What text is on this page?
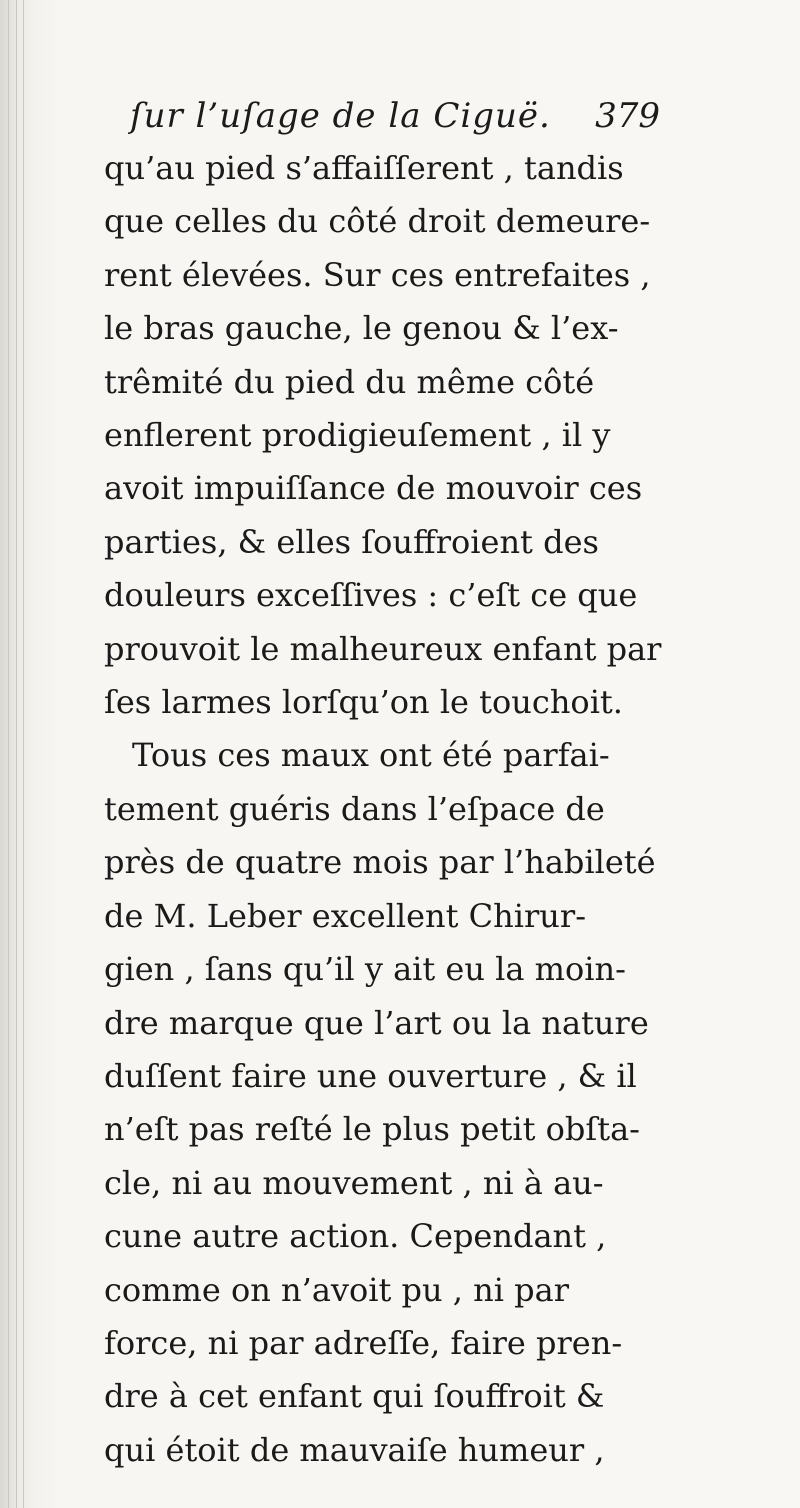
ſur l’uſage de la Ciguë. 379
qu’au pied s’affaiſſerent , tandis
que celles du côté droit demeure-
rent élevées. Sur ces entrefaites ,
le bras gauche, le genou & l’ex-
trêmité du pied du même côté
enflerent prodigieuſement , il y
avoit impuiſſance de mouvoir ces
parties, & elles ſouffroient des
douleurs exceſſives : c’eſt ce que
prouvoit le malheureux enfant par
ſes larmes lorſqu’on le touchoit.
Tous ces maux ont été parfai-
tement guéris dans l’eſpace de
près de quatre mois par l’habileté
de M. Leber excellent Chirur-
gien , ſans qu’il y ait eu la moin-
dre marque que l’art ou la nature
duſſent faire une ouverture , & il
n’eſt pas reſté le plus petit obſta-
cle, ni au mouvement , ni à au-
cune autre action. Cependant ,
comme on n’avoit pu , ni par
force, ni par adreſſe, faire pren-
dre à cet enfant qui ſouffroit &
qui étoit de mauvaiſe humeur ,
